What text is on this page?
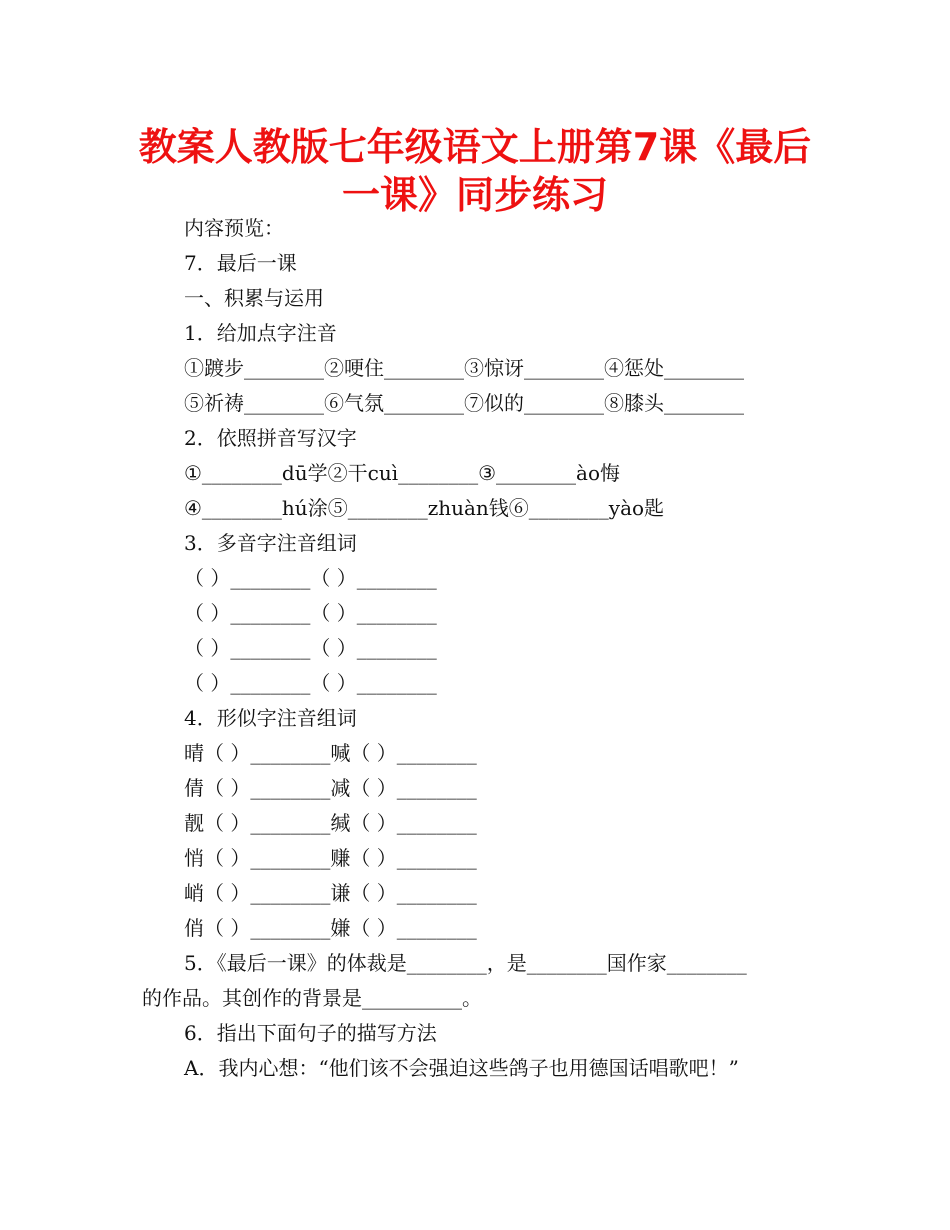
教案人教版七年级语文上册第7课《最后
一课》同步练习

内容预览：

7．最后一课

一、积累与运用

1．给加点字注音

①踱步________②哽住________③惊讶________④惩处________

⑤祈祷________⑥气氛________⑦似的________⑧膝头________

2．依照拼音写汉字

①________dū学②干cuì________③________ào悔

④________hú涂⑤________zhuàn钱⑥________yào匙

3．多音字注音组词

（ ）________（ ）________

（ ）________（ ）________

（ ）________（ ）________

（ ）________（ ）________

4．形似字注音组词

晴（ ）________喊（ ）________

倩（ ）________减（ ）________

靓（ ）________缄（ ）________

悄（ ）________赚（ ）________

峭（ ）________谦（ ）________

俏（ ）________嫌（ ）________

5．《最后一课》的体裁是________，是________国作家________

的作品。其创作的背景是__________。

6．指出下面句子的描写方法

A．我内心想：“他们该不会强迫这些鸽子也用德国话唱歌吧！”
